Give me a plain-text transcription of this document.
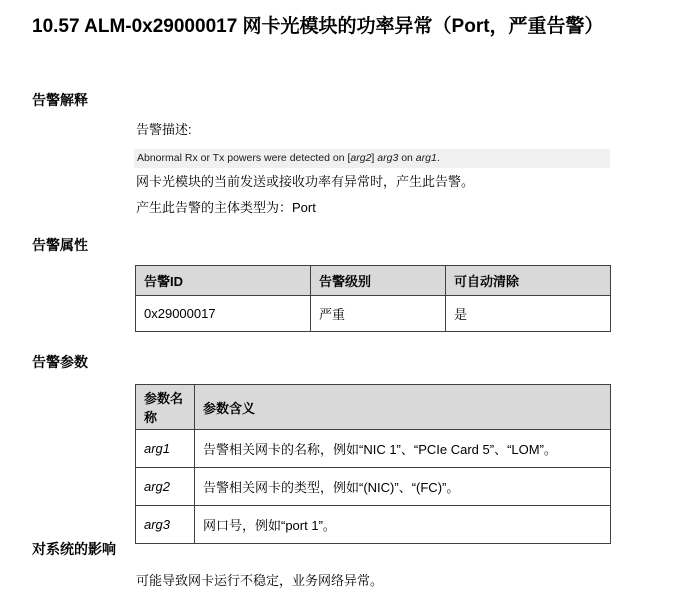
10.57 ALM-0x29000017 网卡光模块的功率异常（Port，严重告警）
告警解释

告警描述:

Abnormal Rx or Tx powers were detected on [arg2] arg3 on arg1.

网卡光模块的当前发送或接收功率有异常时，产生此告警。

产生此告警的主体类型为：Port

告警属性
告警ID	告警级别	可自动清除
0x29000017	严重	是
告警参数
参数名称	参数含义
arg1	告警相关网卡的名称，例如“NIC 1”、“PCIe Card 5”、“LOM”。
arg2	告警相关网卡的类型，例如“(NIC)”、“(FC)”。
arg3	网口号，例如“port 1”。
对系统的影响

可能导致网卡运行不稳定，业务网络异常。
